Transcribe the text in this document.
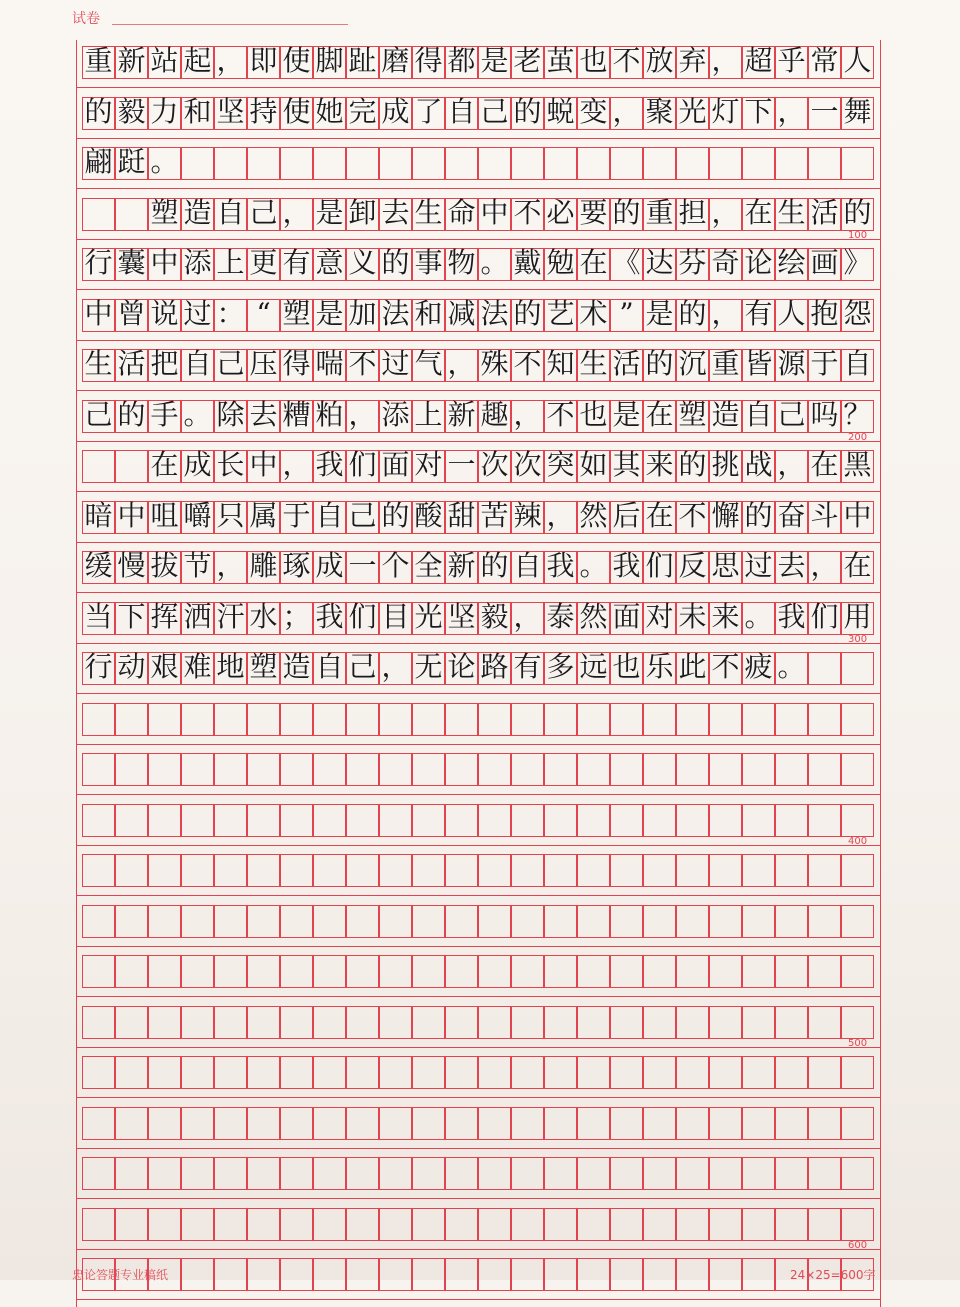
试卷
重 新 站 起 ， 即 使 脚 趾 磨 得 都 是 老 茧 也 不 放 弃 ， 超 乎 常 人
的 毅 力 和 坚 持 使 她 完 成 了 自 己 的 蜕 变 ， 聚 光 灯 下 ， 一 舞
翩 跹 。
塑 造 自 己 ， 是 卸 去 生 命 中 不 必 要 的 重 担 ， 在 生 活 的
行 囊 中 添 上 更 有 意 义 的 事 物 。 戴 勉 在 《 达 芬 奇 论 绘 画 》
中 曾 说 过 ： “ 塑 是 加 法 和 减 法 的 艺 术 ” 是 的 ， 有 人 抱 怨
生 活 把 自 己 压 得 喘 不 过 气 ， 殊 不 知 生 活 的 沉 重 皆 源 于 自
己 的 手 。 除 去 糟 粕 ， 添 上 新 趣 ， 不 也 是 在 塑 造 自 己 吗 ？
在 成 长 中 ， 我 们 面 对 一 次 次 突 如 其 来 的 挑 战 ， 在 黑
暗 中 咀 嚼 只 属 于 自 己 的 酸 甜 苦 辣 ， 然 后 在 不 懈 的 奋 斗 中
缓 慢 拔 节 ， 雕 琢 成 一 个 全 新 的 自 我 。 我 们 反 思 过 去 ， 在
当 下 挥 洒 汗 水 ； 我 们 目 光 坚 毅 ， 泰 然 面 对 未 来 。 我 们 用
行 动 艰 难 地 塑 造 自 己 ， 无 论 路 有 多 远 也 乐 此 不 疲 。
100
200
300
400
500
600
忠论答题专业稿纸	24×25=600字
